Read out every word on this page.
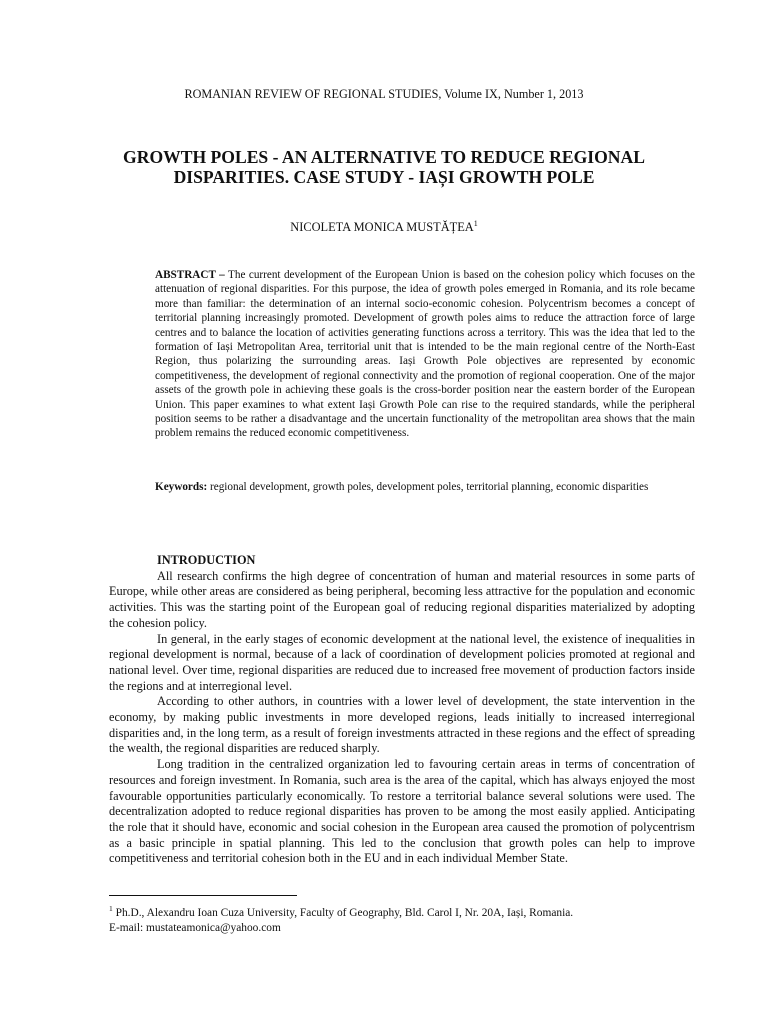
ROMANIAN REVIEW OF REGIONAL STUDIES, Volume IX, Number 1, 2013
GROWTH POLES - AN ALTERNATIVE TO REDUCE REGIONAL
DISPARITIES. CASE STUDY - IAȘI GROWTH POLE
NICOLETA MONICA MUSTĂȚEA$^1$

ABSTRACT – The current development of the European Union is based on the cohesion policy which focuses on the attenuation of regional disparities. For this purpose, the idea of growth poles emerged in Romania, and its role became more than familiar: the determination of an internal socio-economic cohesion. Polycentrism becomes a concept of territorial planning increasingly promoted. Development of growth poles aims to reduce the attraction force of large centres and to balance the location of activities generating functions across a territory. This was the idea that led to the formation of Iași Metropolitan Area, territorial unit that is intended to be the main regional centre of the North-East Region, thus polarizing the surrounding areas. Iași Growth Pole objectives are represented by economic competitiveness, the development of regional connectivity and the promotion of regional cooperation. One of the major assets of the growth pole in achieving these goals is the cross-border position near the eastern border of the European Union. This paper examines to what extent Iași Growth Pole can rise to the required standards, while the peripheral position seems to be rather a disadvantage and the uncertain functionality of the metropolitan area shows that the main problem remains the reduced economic competitiveness.

Keywords: regional development, growth poles, development poles, territorial planning, economic disparities

INTRODUCTION

All research confirms the high degree of concentration of human and material resources in some parts of Europe, while other areas are considered as being peripheral, becoming less attractive for the population and economic activities. This was the starting point of the European goal of reducing regional disparities materialized by adopting the cohesion policy.

In general, in the early stages of economic development at the national level, the existence of inequalities in regional development is normal, because of a lack of coordination of development policies promoted at regional and national level. Over time, regional disparities are reduced due to increased free movement of production factors inside the regions and at interregional level.

According to other authors, in countries with a lower level of development, the state intervention in the economy, by making public investments in more developed regions, leads initially to increased interregional disparities and, in the long term, as a result of foreign investments attracted in these regions and the effect of spreading the wealth, the regional disparities are reduced sharply.

Long tradition in the centralized organization led to favouring certain areas in terms of concentration of resources and foreign investment. In Romania, such area is the area of the capital, which has always enjoyed the most favourable opportunities particularly economically. To restore a territorial balance several solutions were used. The decentralization adopted to reduce regional disparities has proven to be among the most easily applied. Anticipating the role that it should have, economic and social cohesion in the European area caused the promotion of polycentrism as a basic principle in spatial planning. This led to the conclusion that growth poles can help to improve competitiveness and territorial cohesion both in the EU and in each individual Member State.

$^1$ Ph.D., Alexandru Ioan Cuza University, Faculty of Geography, Bld. Carol I, Nr. 20A, Iași, Romania.
E-mail: mustateamonica@yahoo.com
